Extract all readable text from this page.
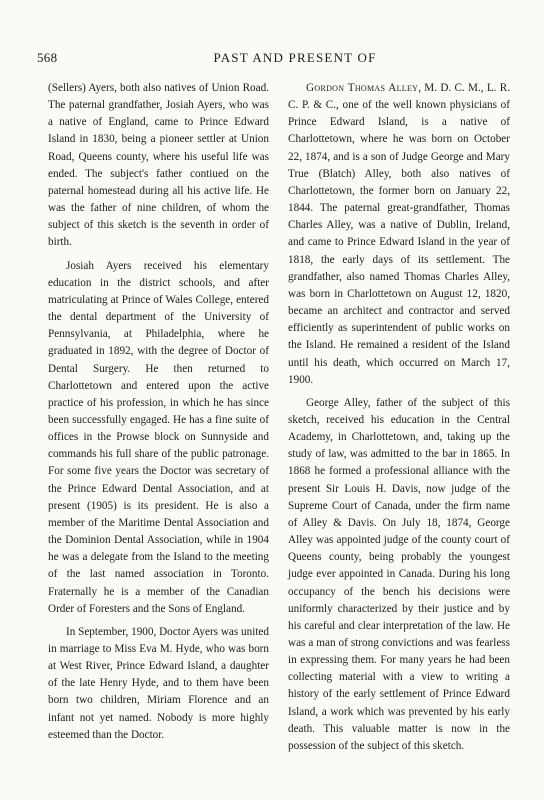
568	PAST AND PRESENT OF

(Sellers) Ayers, both also natives of Union Road. The paternal grandfather, Josiah Ayers, who was a native of England, came to Prince Edward Island in 1830, being a pioneer settler at Union Road, Queens county, where his useful life was ended. The subject's father contiued on the paternal homestead during all his active life. He was the father of nine children, of whom the subject of this sketch is the seventh in order of birth.

Josiah Ayers received his elementary education in the district schools, and after matriculating at Prince of Wales College, entered the dental department of the University of Pennsylvania, at Philadelphia, where he graduated in 1892, with the degree of Doctor of Dental Surgery. He then returned to Charlottetown and entered upon the active practice of his profession, in which he has since been successfully engaged. He has a fine suite of offices in the Prowse block on Sunnyside and commands his full share of the public patronage. For some five years the Doctor was secretary of the Prince Edward Dental Association, and at present (1905) is its president. He is also a member of the Maritime Dental Association and the Dominion Dental Association, while in 1904 he was a delegate from the Island to the meeting of the last named association in Toronto. Fraternally he is a member of the Canadian Order of Foresters and the Sons of England.

In September, 1900, Doctor Ayers was united in marriage to Miss Eva M. Hyde, who was born at West River, Prince Edward Island, a daughter of the late Henry Hyde, and to them have been born two children, Miriam Florence and an infant not yet named. Nobody is more highly esteemed than the Doctor.

Gordon Thomas Alley, M. D. C. M., L. R. C. P. & C., one of the well known physicians of Prince Edward Island, is a native of Charlottetown, where he was born on October 22, 1874, and is a son of Judge George and Mary True (Blatch) Alley, both also natives of Charlottetown, the former born on January 22, 1844. The paternal great-grandfather, Thomas Charles Alley, was a native of Dublin, Ireland, and came to Prince Edward Island in the year of 1818, the early days of its settlement. The grandfather, also named Thomas Charles Alley, was born in Charlottetown on August 12, 1820, became an architect and contractor and served efficiently as superintendent of public works on the Island. He remained a resident of the Island until his death, which occurred on March 17, 1900.

George Alley, father of the subject of this sketch, received his education in the Central Academy, in Charlottetown, and, taking up the study of law, was admitted to the bar in 1865. In 1868 he formed a professional alliance with the present Sir Louis H. Davis, now judge of the Supreme Court of Canada, under the firm name of Alley & Davis. On July 18, 1874, George Alley was appointed judge of the county court of Queens county, being probably the youngest judge ever appointed in Canada. During his long occupancy of the bench his decisions were uniformly characterized by their justice and by his careful and clear interpretation of the law. He was a man of strong convictions and was fearless in expressing them. For many years he had been collecting material with a view to writing a history of the early settlement of Prince Edward Island, a work which was prevented by his early death. This valuable matter is now in the possession of the subject of this sketch.
